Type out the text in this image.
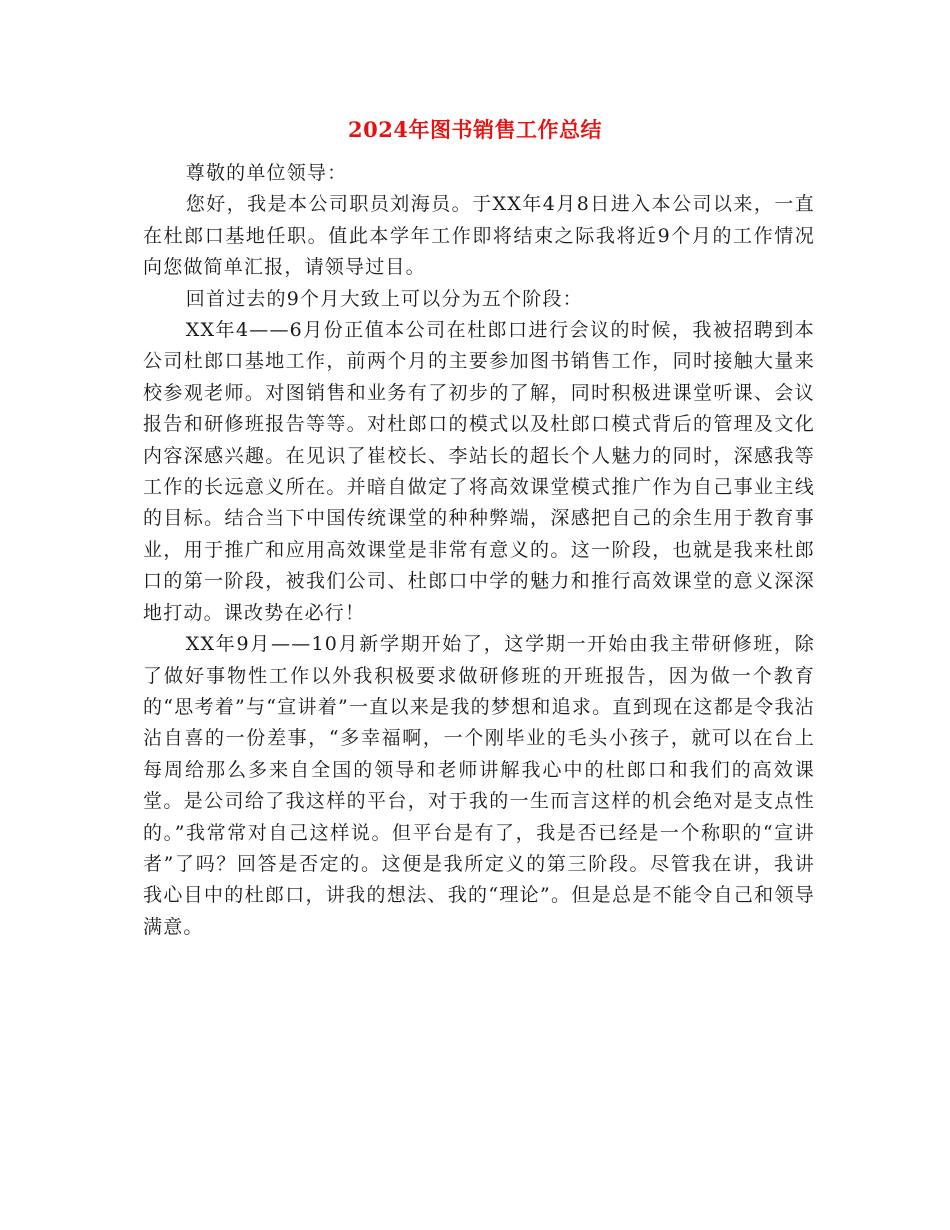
2024年图书销售工作总结

尊敬的单位领导：

您好，我是本公司职员刘海员。于XX年4月8日进入本公司以来，一直在杜郎口基地任职。值此本学年工作即将结束之际我将近9个月的工作情况向您做简单汇报，请领导过目。

回首过去的9个月大致上可以分为五个阶段：

XX年4——6月份正值本公司在杜郎口进行会议的时候，我被招聘到本公司杜郎口基地工作，前两个月的主要参加图书销售工作，同时接触大量来校参观老师。对图销售和业务有了初步的了解，同时积极进课堂听课、会议报告和研修班报告等等。对杜郎口的模式以及杜郎口模式背后的管理及文化内容深感兴趣。在见识了崔校长、李站长的超长个人魅力的同时，深感我等工作的长远意义所在。并暗自做定了将高效课堂模式推广作为自己事业主线的目标。结合当下中国传统课堂的种种弊端，深感把自己的余生用于教育事业，用于推广和应用高效课堂是非常有意义的。这一阶段，也就是我来杜郎口的第一阶段，被我们公司、杜郎口中学的魅力和推行高效课堂的意义深深地打动。课改势在必行！

XX年9月——10月新学期开始了，这学期一开始由我主带研修班，除了做好事物性工作以外我积极要求做研修班的开班报告，因为做一个教育的“思考着”与“宣讲着”一直以来是我的梦想和追求。直到现在这都是令我沾沾自喜的一份差事，“多幸福啊，一个刚毕业的毛头小孩子，就可以在台上每周给那么多来自全国的领导和老师讲解我心中的杜郎口和我们的高效课堂。是公司给了我这样的平台，对于我的一生而言这样的机会绝对是支点性的。”我常常对自己这样说。但平台是有了，我是否已经是一个称职的“宣讲者”了吗？回答是否定的。这便是我所定义的第三阶段。尽管我在讲，我讲我心目中的杜郎口，讲我的想法、我的“理论”。但是总是不能令自己和领导满意。
